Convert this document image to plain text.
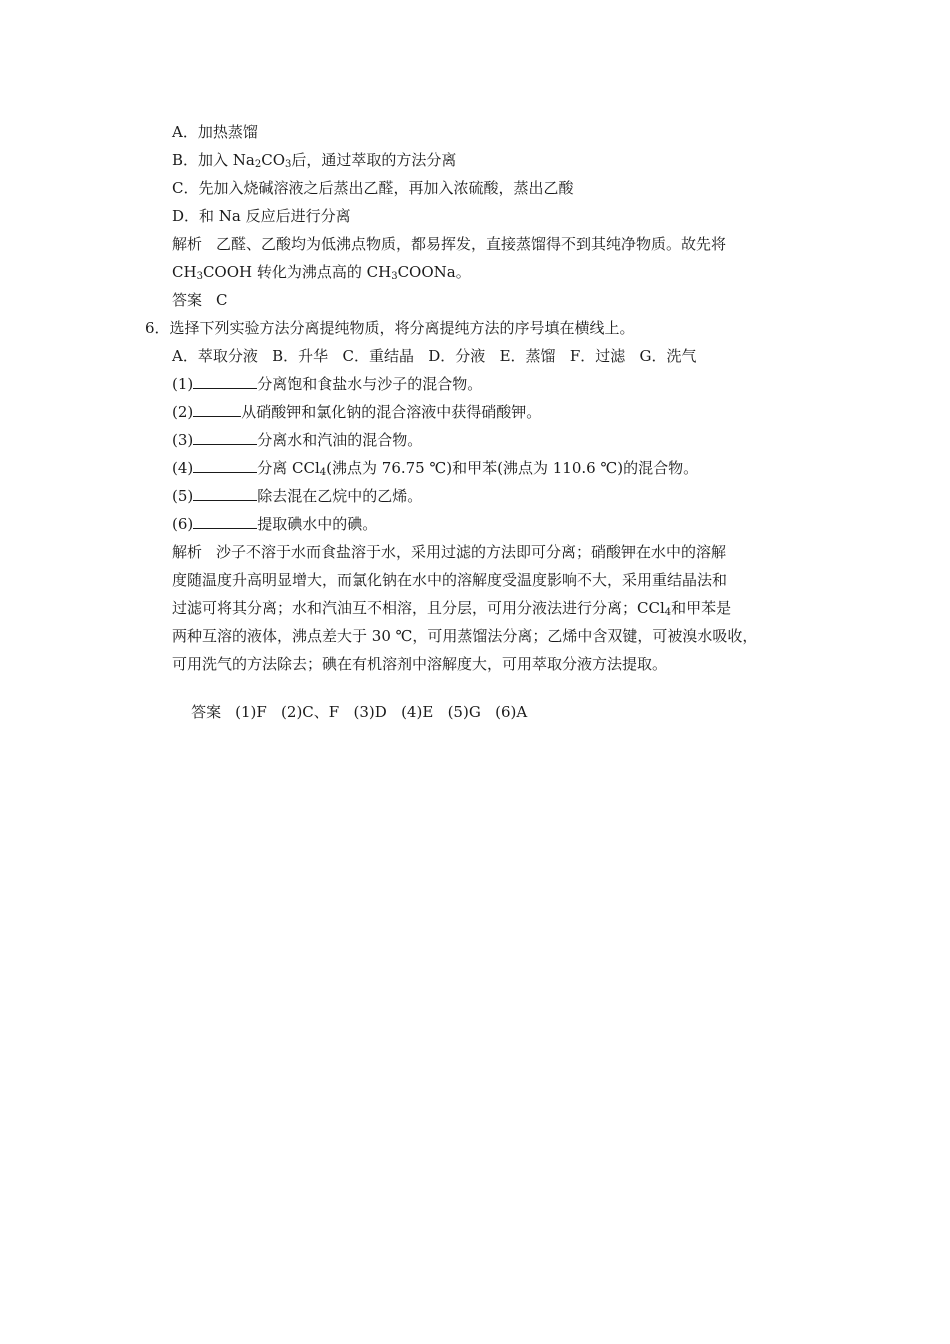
A．加热蒸馏
B．加入 $Na_2CO_3$后，通过萃取的方法分离
C．先加入烧碱溶液之后蒸出乙醛，再加入浓硫酸，蒸出乙酸
D．和 Na 反应后进行分离
解析 乙醛、乙酸均为低沸点物质，都易挥发，直接蒸馏得不到其纯净物质。故先将
$CH_3COOH$ 转化为沸点高的 $CH_3COONa$。
答案 C
6．选择下列实验方法分离提纯物质，将分离提纯方法的序号填在横线上。
A．萃取分液   B．升华   C．重结晶   D．分液   E．蒸馏   F．过滤   G．洗气
(1)	分离饱和食盐水与沙子的混合物。
(2)	从硝酸钾和氯化钠的混合溶液中获得硝酸钾。
(3)	分离水和汽油的混合物。
(4)	分离 CCl$_4$(沸点为 76.75 ℃)和甲苯(沸点为 110.6 ℃)的混合物。
(5)	除去混在乙烷中的乙烯。
(6)	提取碘水中的碘。
解析 沙子不溶于水而食盐溶于水，采用过滤的方法即可分离；硝酸钾在水中的溶解
度随温度升高明显增大，而氯化钠在水中的溶解度受温度影响不大，采用重结晶法和
过滤可将其分离；水和汽油互不相溶，且分层，可用分液法进行分离；CCl$_4$和甲苯是
两种互溶的液体，沸点差大于 30 ℃，可用蒸馏法分离；乙烯中含双键，可被溴水吸收，
可用洗气的方法除去；碘在有机溶剂中溶解度大，可用萃取分液方法提取。

答案 (1)F   (2)C、F   (3)D   (4)E   (5)G   (6)A
